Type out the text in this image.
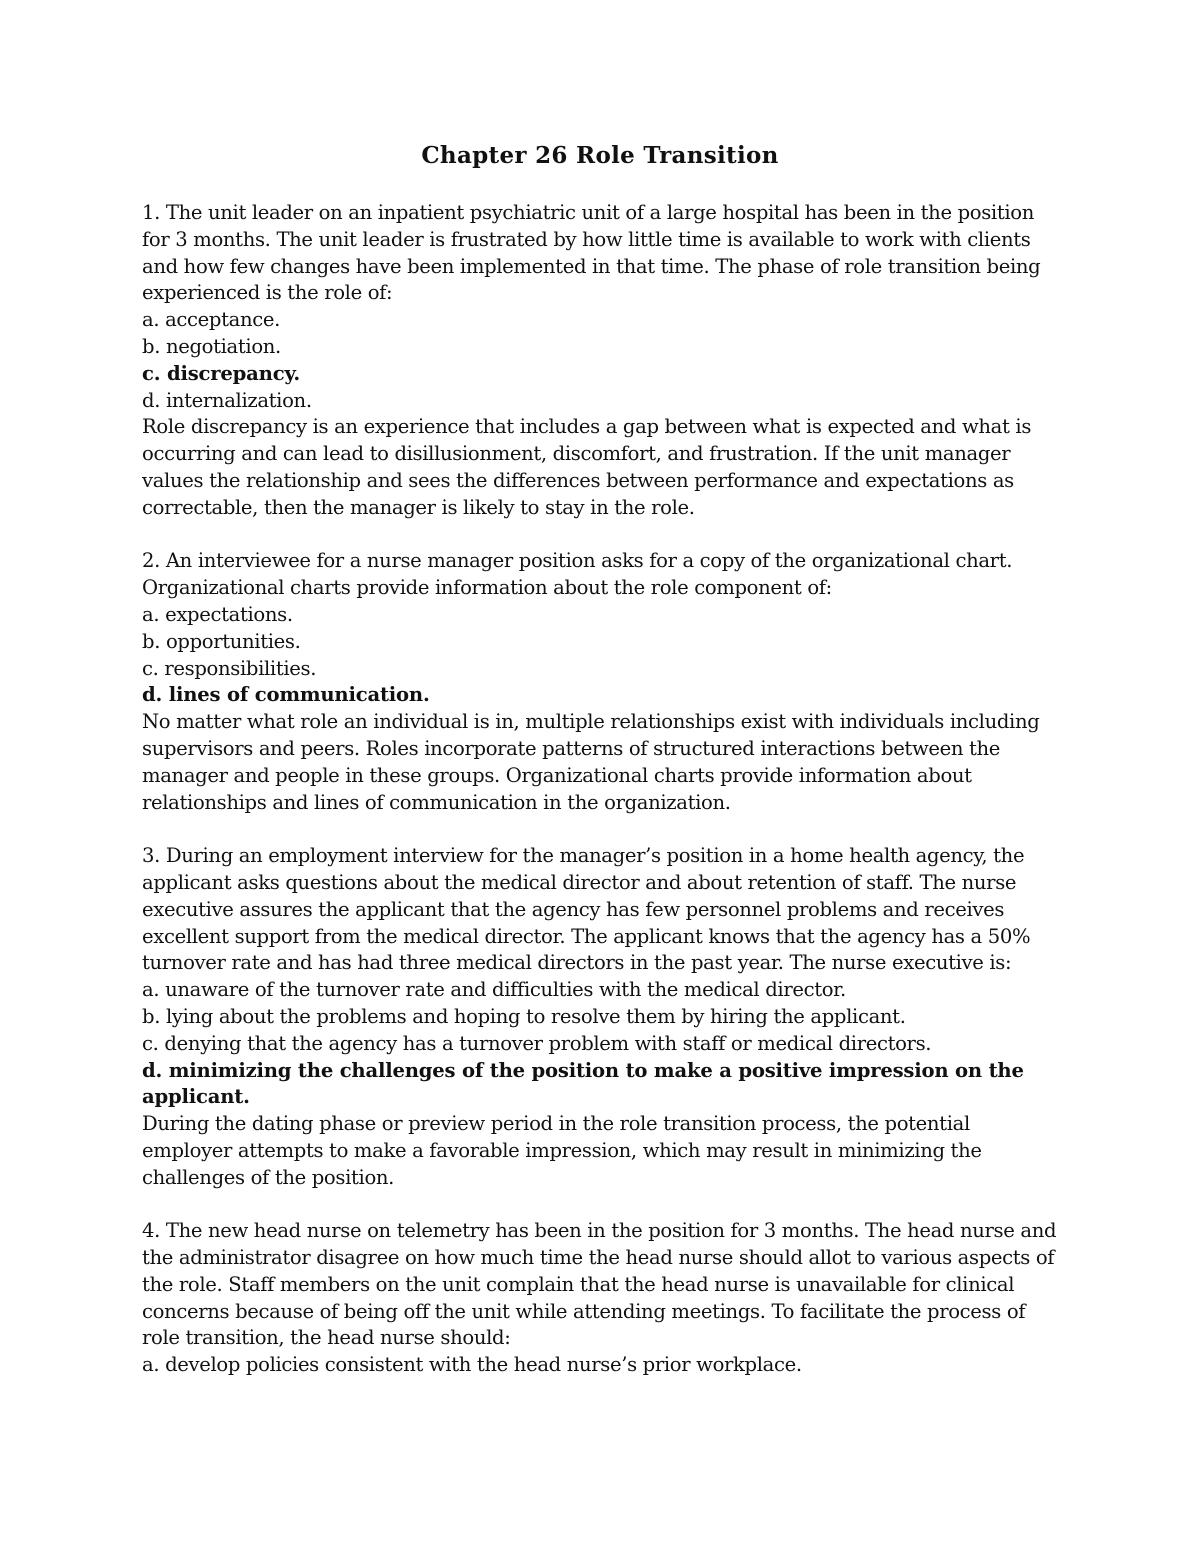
Chapter 26 Role Transition

1. The unit leader on an inpatient psychiatric unit of a large hospital has been in the position for 3 months. The unit leader is frustrated by how little time is available to work with clients and how few changes have been implemented in that time. The phase of role transition being experienced is the role of:

a. acceptance.

b. negotiation.

c. discrepancy.

d. internalization.

Role discrepancy is an experience that includes a gap between what is expected and what is occurring and can lead to disillusionment, discomfort, and frustration. If the unit manager values the relationship and sees the differences between performance and expectations as correctable, then the manager is likely to stay in the role.

2. An interviewee for a nurse manager position asks for a copy of the organizational chart. Organizational charts provide information about the role component of:

a. expectations.

b. opportunities.

c. responsibilities.

d. lines of communication.

No matter what role an individual is in, multiple relationships exist with individuals including supervisors and peers. Roles incorporate patterns of structured interactions between the manager and people in these groups. Organizational charts provide information about relationships and lines of communication in the organization.

3. During an employment interview for the manager’s position in a home health agency, the applicant asks questions about the medical director and about retention of staff. The nurse executive assures the applicant that the agency has few personnel problems and receives excellent support from the medical director. The applicant knows that the agency has a 50% turnover rate and has had three medical directors in the past year. The nurse executive is:

a. unaware of the turnover rate and difficulties with the medical director.

b. lying about the problems and hoping to resolve them by hiring the applicant.

c. denying that the agency has a turnover problem with staff or medical directors.

d. minimizing the challenges of the position to make a positive impression on the applicant.

During the dating phase or preview period in the role transition process, the potential employer attempts to make a favorable impression, which may result in minimizing the challenges of the position.

4. The new head nurse on telemetry has been in the position for 3 months. The head nurse and the administrator disagree on how much time the head nurse should allot to various aspects of the role. Staff members on the unit complain that the head nurse is unavailable for clinical concerns because of being off the unit while attending meetings. To facilitate the process of role transition, the head nurse should:

a. develop policies consistent with the head nurse’s prior workplace.
